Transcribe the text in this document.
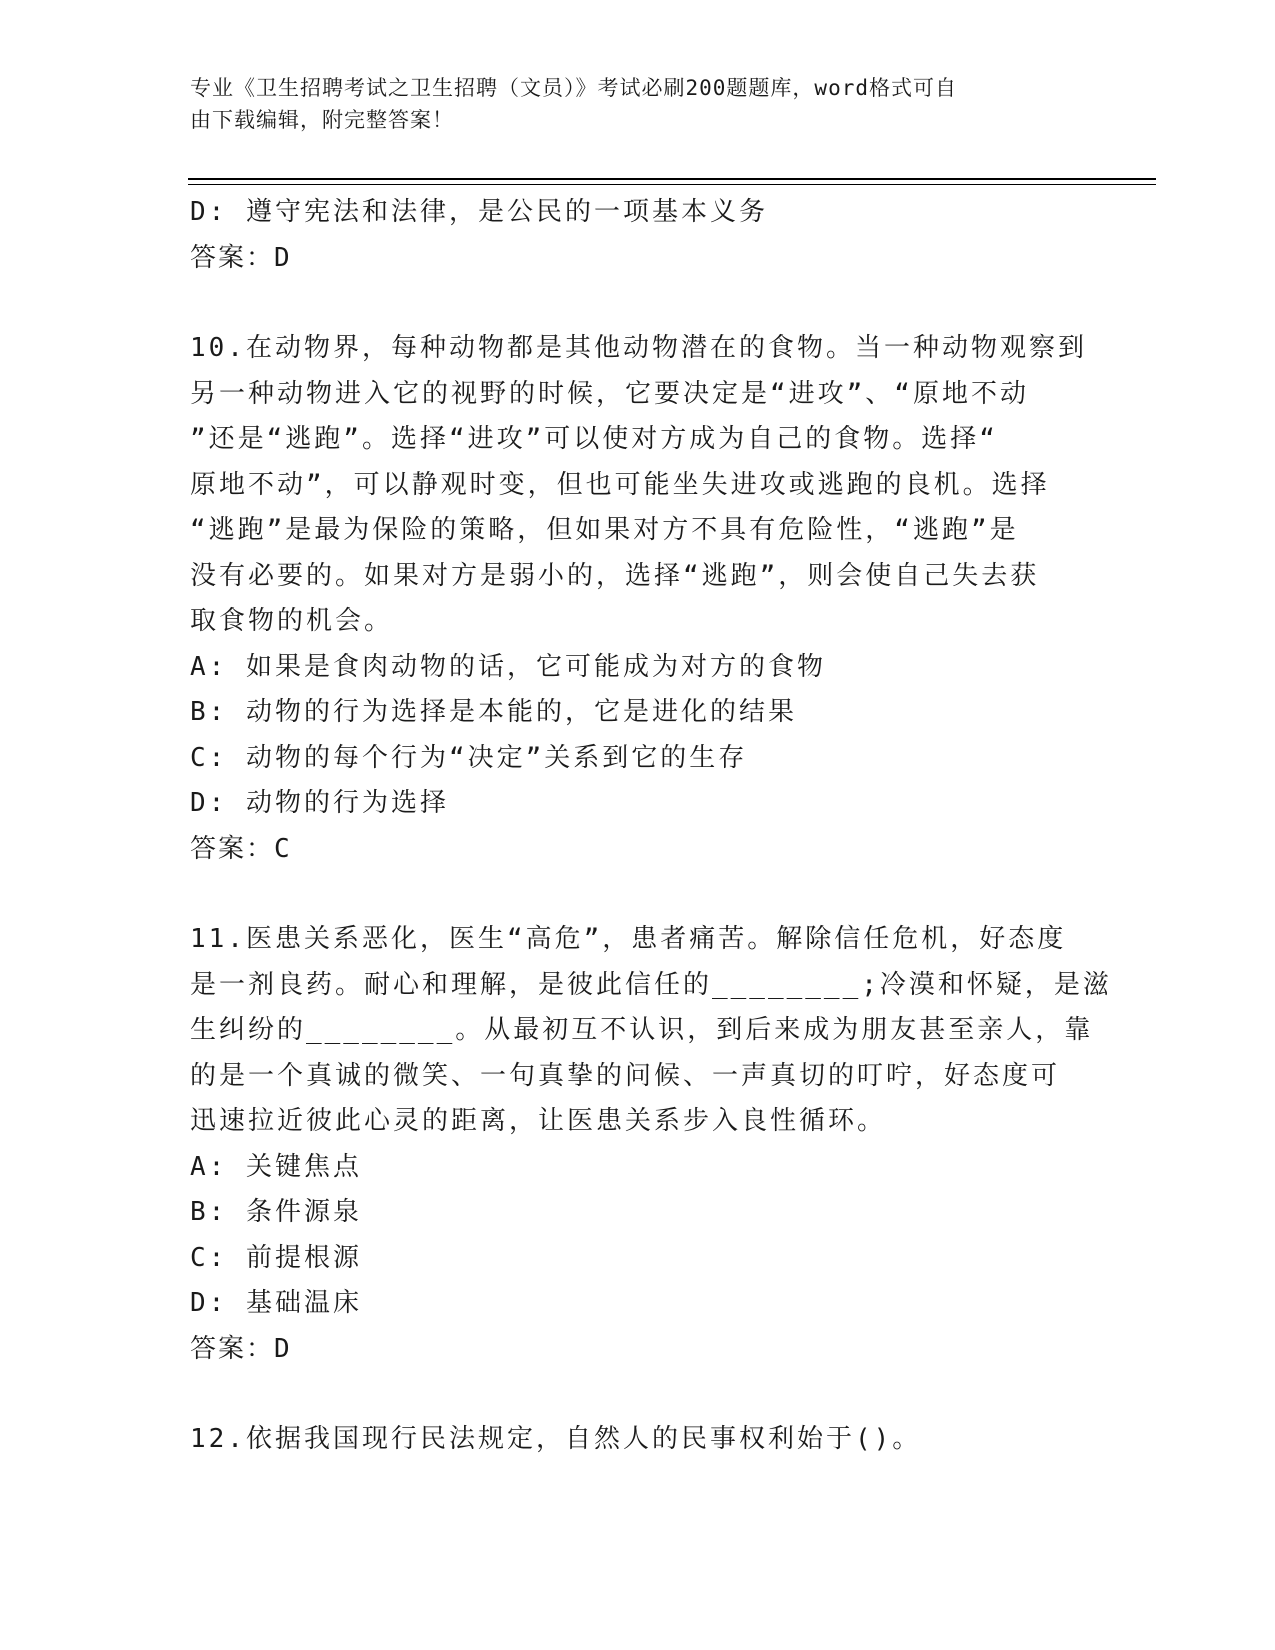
专业《卫生招聘考试之卫生招聘（文员）》考试必刷200题题库，word格式可自
由下载编辑，附完整答案！
D: 遵守宪法和法律，是公民的一项基本义务
答案：D
10.在动物界，每种动物都是其他动物潜在的食物。当一种动物观察到
另一种动物进入它的视野的时候，它要决定是“进攻”、“原地不动
”还是“逃跑”。选择“进攻”可以使对方成为自己的食物。选择“
原地不动”，可以静观时变，但也可能坐失进攻或逃跑的良机。选择
“逃跑”是最为保险的策略，但如果对方不具有危险性，“逃跑”是
没有必要的。如果对方是弱小的，选择“逃跑”，则会使自己失去获
取食物的机会。
A: 如果是食肉动物的话，它可能成为对方的食物
B: 动物的行为选择是本能的，它是进化的结果
C: 动物的每个行为“决定”关系到它的生存
D: 动物的行为选择
答案：C
11.医患关系恶化，医生“高危”，患者痛苦。解除信任危机，好态度
是一剂良药。耐心和理解，是彼此信任的________;冷漠和怀疑，是滋
生纠纷的________。从最初互不认识，到后来成为朋友甚至亲人，靠
的是一个真诚的微笑、一句真挚的问候、一声真切的叮咛，好态度可
迅速拉近彼此心灵的距离，让医患关系步入良性循环。
A: 关键焦点
B: 条件源泉
C: 前提根源
D: 基础温床
答案：D
12.依据我国现行民法规定，自然人的民事权利始于()。
